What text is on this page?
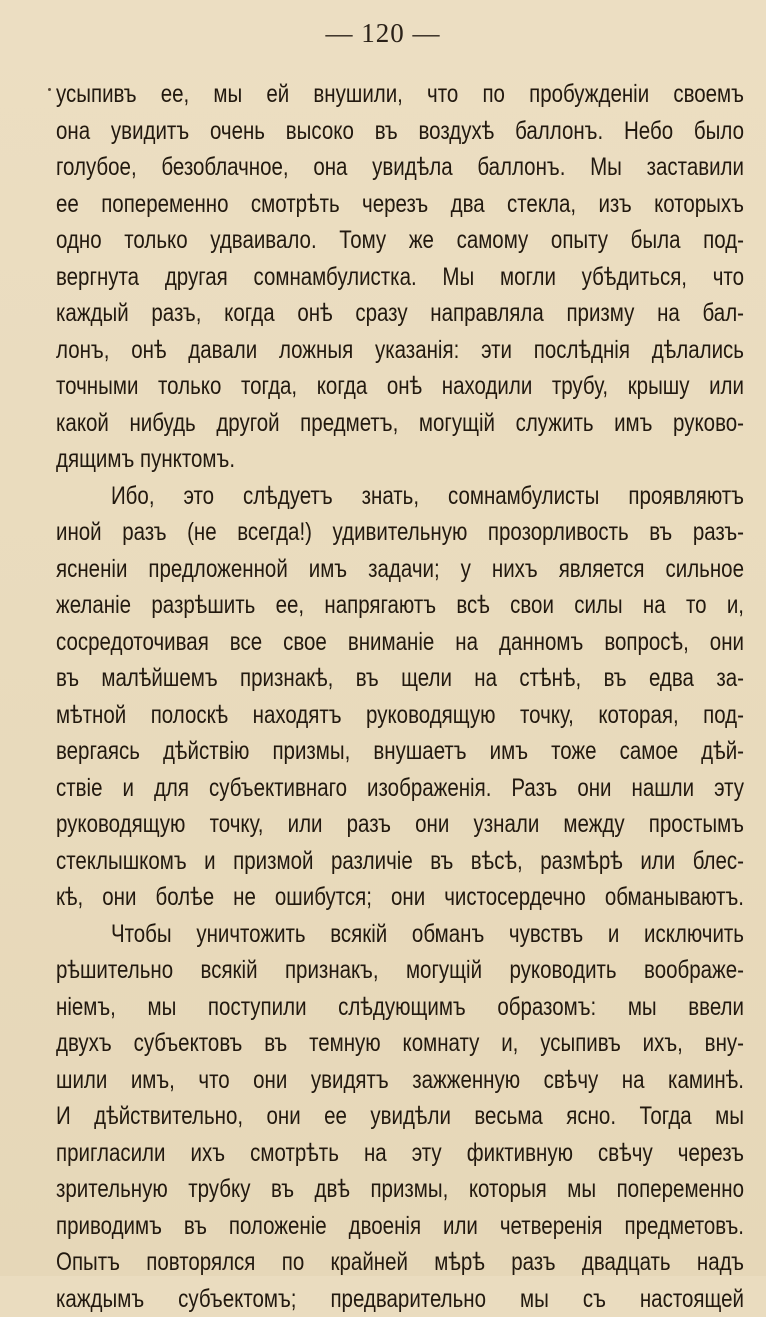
— 120 —
усыпивъ ее, мы ей внушили, что по пробужденіи своемъ
она увидитъ очень высоко въ воздухѣ баллонъ. Небо было
голубое, безоблачное, она увидѣла баллонъ. Мы заставили
ее попеременно смотрѣть черезъ два стекла, изъ которыхъ
одно только удваивало. Тому же самому опыту была под-
вергнута другая сомнамбулистка. Мы могли убѣдиться, что
каждый разъ, когда онѣ сразу направляла призму на бал-
лонъ, онѣ давали ложныя указанія: эти послѣднія дѣлались
точными только тогда, когда онѣ находили трубу, крышу или
какой нибудь другой предметъ, могущій служить имъ руково-
дящимъ пунктомъ.
Ибо, это слѣдуетъ знать, сомнамбулисты проявляютъ
иной разъ (не всегда!) удивительную прозорливость въ разъ-
ясненіи предложенной имъ задачи; у нихъ является сильное
желаніе разрѣшить ее, напрягаютъ всѣ свои силы на то и,
сосредоточивая все свое вниманіе на данномъ вопросѣ, они
въ малѣйшемъ признакѣ, въ щели на стѣнѣ, въ едва за-
мѣтной полоскѣ находятъ руководящую точку, которая, под-
вергаясь дѣйствію призмы, внушаетъ имъ тоже самое дѣй-
ствіе и для субъективнаго изображенія. Разъ они нашли эту
руководящую точку, или разъ они узнали между простымъ
стеклышкомъ и призмой различіе въ вѣсѣ, размѣрѣ или блес-
кѣ, они болѣе не ошибутся; они чистосердечно обманываютъ.
Чтобы уничтожить всякій обманъ чувствъ и исключить
рѣшительно всякій признакъ, могущій руководить воображе-
ніемъ, мы поступили слѣдующимъ образомъ: мы ввели
двухъ субъектовъ въ темную комнату и, усыпивъ ихъ, вну-
шили имъ, что они увидятъ зажженную свѣчу на каминѣ.
И дѣйствительно, они ее увидѣли весьма ясно. Тогда мы
пригласили ихъ смотрѣть на эту фиктивную свѣчу черезъ
зрительную трубку въ двѣ призмы, которыя мы попеременно
приводимъ въ положеніе двоенія или четверенія предметовъ.
Опытъ повторялся по крайней мѣрѣ разъ двадцать надъ
каждымъ субъектомъ; предварительно мы съ настоящей
